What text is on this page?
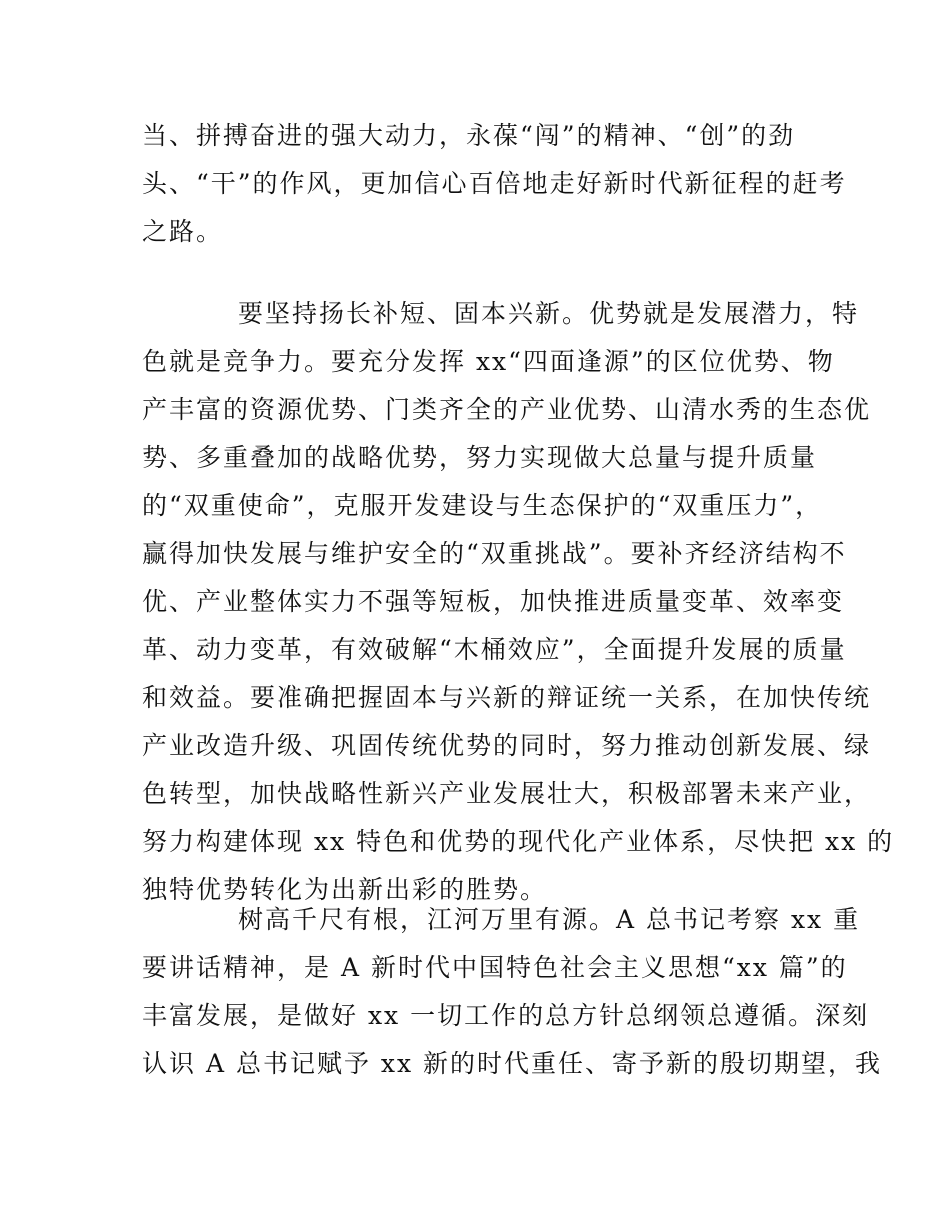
当、拼搏奋进的强大动力，永葆“闯”的精神、“创”的劲
头、“干”的作风，更加信心百倍地走好新时代新征程的赶考
之路。
要坚持扬长补短、固本兴新。优势就是发展潜力，特
色就是竞争力。要充分发挥 xx“四面逢源”的区位优势、物
产丰富的资源优势、门类齐全的产业优势、山清水秀的生态优
势、多重叠加的战略优势，努力实现做大总量与提升质量
的“双重使命”，克服开发建设与生态保护的“双重压力”，
赢得加快发展与维护安全的“双重挑战”。要补齐经济结构不
优、产业整体实力不强等短板，加快推进质量变革、效率变
革、动力变革，有效破解“木桶效应”，全面提升发展的质量
和效益。要准确把握固本与兴新的辩证统一关系，在加快传统
产业改造升级、巩固传统优势的同时，努力推动创新发展、绿
色转型，加快战略性新兴产业发展壮大，积极部署未来产业，
努力构建体现 xx 特色和优势的现代化产业体系，尽快把 xx 的
独特优势转化为出新出彩的胜势。
树高千尺有根，江河万里有源。A 总书记考察 xx 重
要讲话精神，是 A 新时代中国特色社会主义思想“xx 篇”的
丰富发展，是做好 xx 一切工作的总方针总纲领总遵循。深刻
认识 A 总书记赋予 xx 新的时代重任、寄予新的殷切期望，我
